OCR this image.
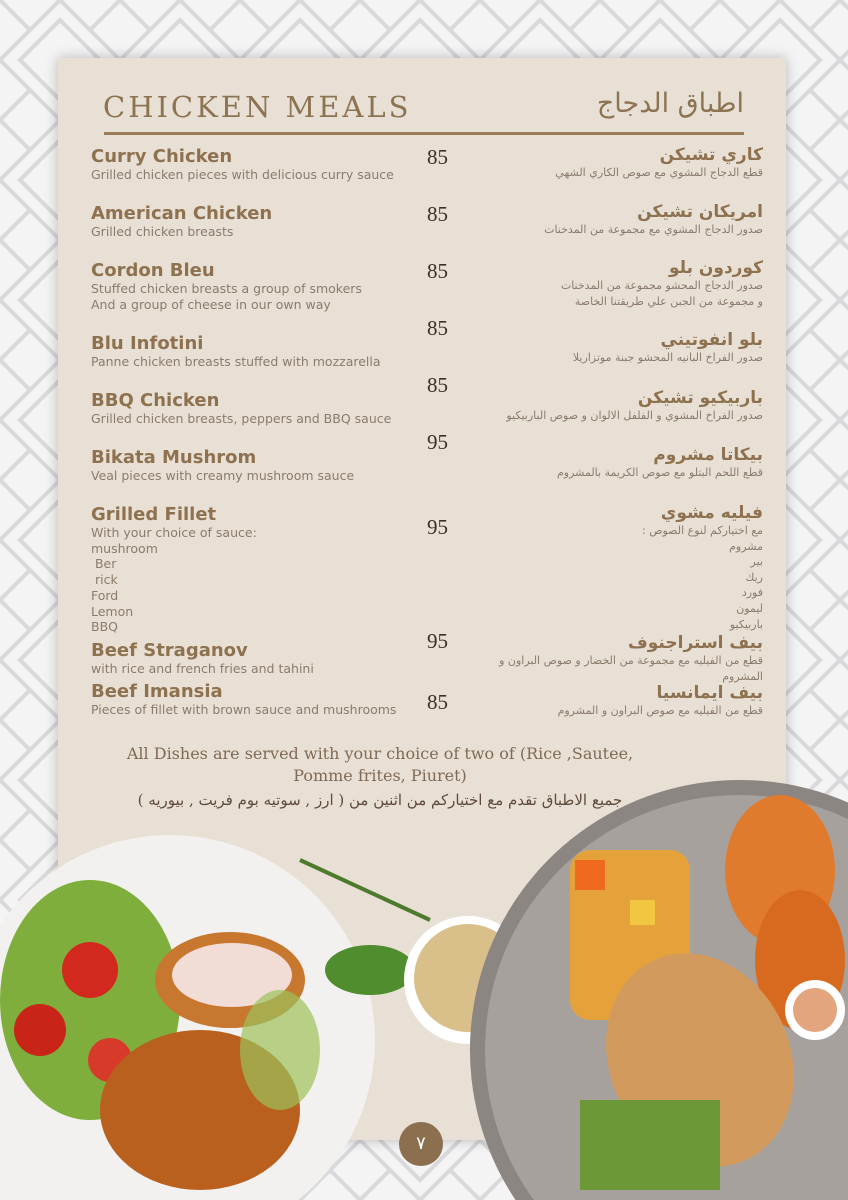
CHICKEN MEALS	اطباق الدجاج
Curry Chicken
Grilled chicken pieces with delicious curry sauce
American Chicken
Grilled chicken breasts
Cordon Bleu
Stuffed chicken breasts a group of smokers
And a group of cheese in our own way
Blu Infotini
Panne chicken breasts stuffed with mozzarella
BBQ Chicken
Grilled chicken breasts, peppers and BBQ sauce
Bikata Mushrom
Veal pieces with creamy mushroom sauce
Grilled Fillet
With your choice of sauce:
mushroom
Ber
rick
Ford
Lemon
BBQ
Beef Straganov
with rice and french fries and tahini
Beef Imansia
Pieces of fillet with brown sauce and mushrooms
85
85
85
85
85
95
95
95
85
كاري تشيكن
قطع الدجاج المشوي مع صوص الكاري الشهي
امريكان تشيكن
صدور الدجاج المشوي مع مجموعة من المدخنات
كوردون بلو
صدور الدجاج المحشو مجموعة من المدخنات
و مجموعة من الجبن علي طريقتنا الخاصة
بلو انفوتيني
صدور الفراخ البانيه المحشو جبنة موتزاريلا
باربيكيو تشيكن
صدور الفراخ المشوي و الفلفل الالوان و صوص الباربيكيو
بيكاتا مشروم
قطع اللحم البتلو مع صوص الكريمة بالمشروم
فيليه مشوي
مع اختياركم لنوع الصوص :
مشروم
بير
ريك
فورد
ليمون
باربيكيو
بيف استراجنوف
قطع من الفيليه مع مجموعة من الخضار و صوص البراون و
المشروم
بيف ايمانسيا
قطع من الفيليه مع صوص البراون و المشروم
All Dishes are served with your choice of two of (Rice ,Sautee, Pomme frites, Piuret)
جميع الاطباق تقدم مع اختياركم من اثنين من ( ارز , سوتيه بوم فريت , بيوريه )
٧
